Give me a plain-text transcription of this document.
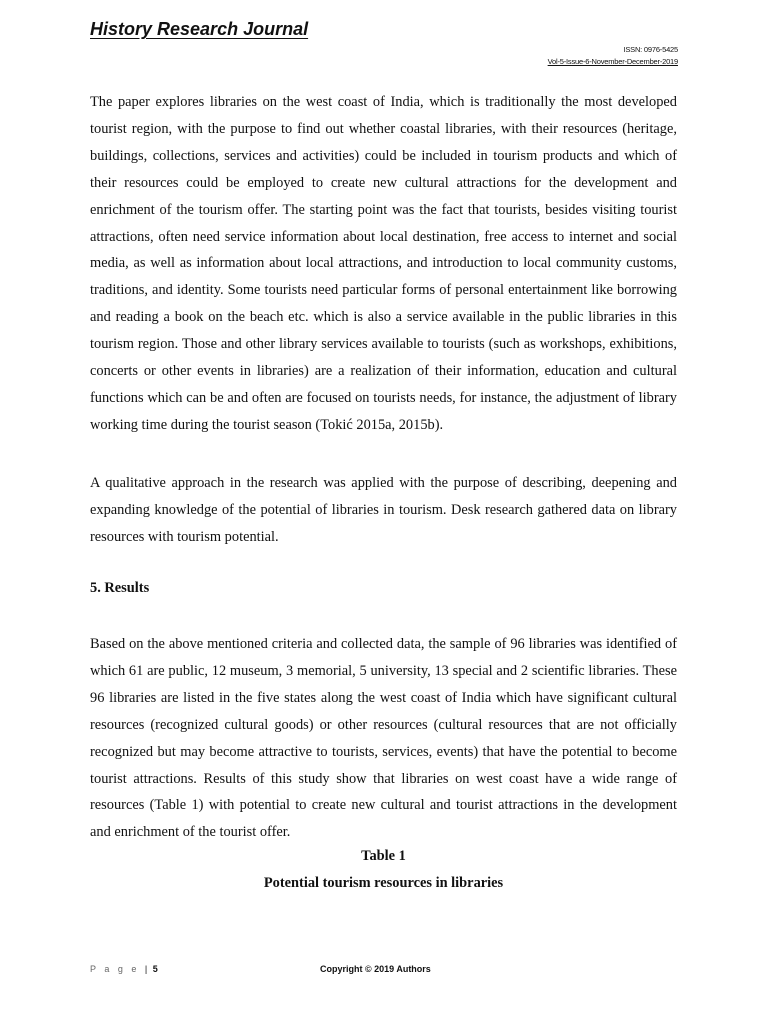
History Research Journal
ISSN: 0976-5425
Vol-5-Issue-6-November-December-2019

The paper explores libraries on the west coast of India, which is traditionally the most developed tourist region, with the purpose to find out whether coastal libraries, with their resources (heritage, buildings, collections, services and activities) could be included in tourism products and which of their resources could be employed to create new cultural attractions for the development and enrichment of the tourism offer. The starting point was the fact that tourists, besides visiting tourist attractions, often need service information about local destination, free access to internet and social media, as well as information about local attractions, and introduction to local community customs, traditions, and identity. Some tourists need particular forms of personal entertainment like borrowing and reading a book on the beach etc. which is also a service available in the public libraries in this tourism region. Those and other library services available to tourists (such as workshops, exhibitions, concerts or other events in libraries) are a realization of their information, education and cultural functions which can be and often are focused on tourists needs, for instance, the adjustment of library working time during the tourist season (Tokić 2015a, 2015b).

A qualitative approach in the research was applied with the purpose of describing, deepening and expanding knowledge of the potential of libraries in tourism. Desk research gathered data on library resources with tourism potential.

5. Results

Based on the above mentioned criteria and collected data, the sample of 96 libraries was identified of which 61 are public, 12 museum, 3 memorial, 5 university, 13 special and 2 scientific libraries. These 96 libraries are listed in the five states along the west coast of India which have significant cultural resources (recognized cultural goods) or other resources (cultural resources that are not officially recognized but may become attractive to tourists, services, events) that have the potential to become tourist attractions. Results of this study show that libraries on west coast have a wide range of resources (Table 1) with potential to create new cultural and tourist attractions in the development and enrichment of the tourist offer.

Table 1
Potential tourism resources in libraries
P a g e | 5	Copyright © 2019 Authors
